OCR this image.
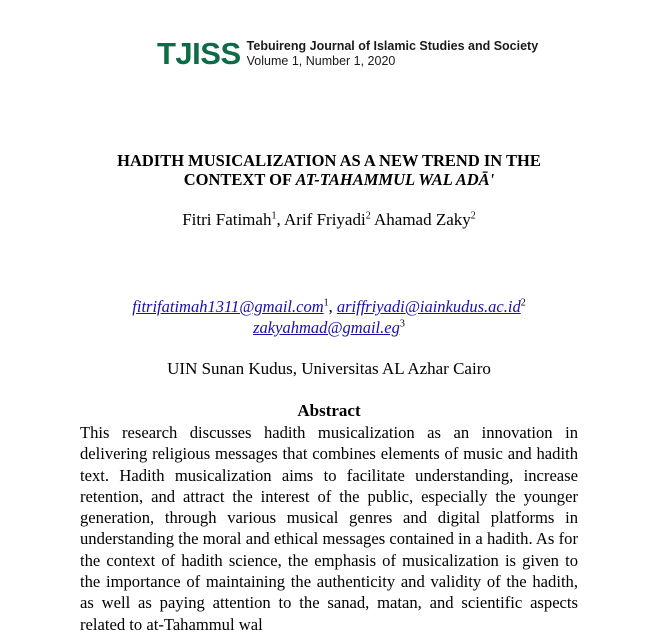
TJISS Tebuireng Journal of Islamic Studies and Society
Volume 1, Number 1, 2020
HADITH MUSICALIZATION AS A NEW TREND IN THE
CONTEXT OF AT-TAHAMMUL WAL ADĀ'
Fitri Fatimah$^1$, Arif Friyadi$^2$ Ahamad Zaky$^2$
fitrifatimah1311@gmail.com$^1$, $ariffriyadi@iainkudus.ac.id^2$
$zakyahmad@gmail.eg^3$
UIN Sunan Kudus, Universitas AL Azhar Cairo
Abstract
This research discusses hadith musicalization as an innovation in delivering religious messages that combines elements of music and hadith text. Hadith musicalization aims to facilitate understanding, increase retention, and attract the interest of the public, especially the younger generation, through various musical genres and digital platforms in understanding the moral and ethical messages contained in a hadith. As for the context of hadith science, the emphasis of musicalization is given to the importance of maintaining the authenticity and validity of the hadith, as well as paying attention to the sanad, matan, and scientific aspects related to at-Tahammul wal
